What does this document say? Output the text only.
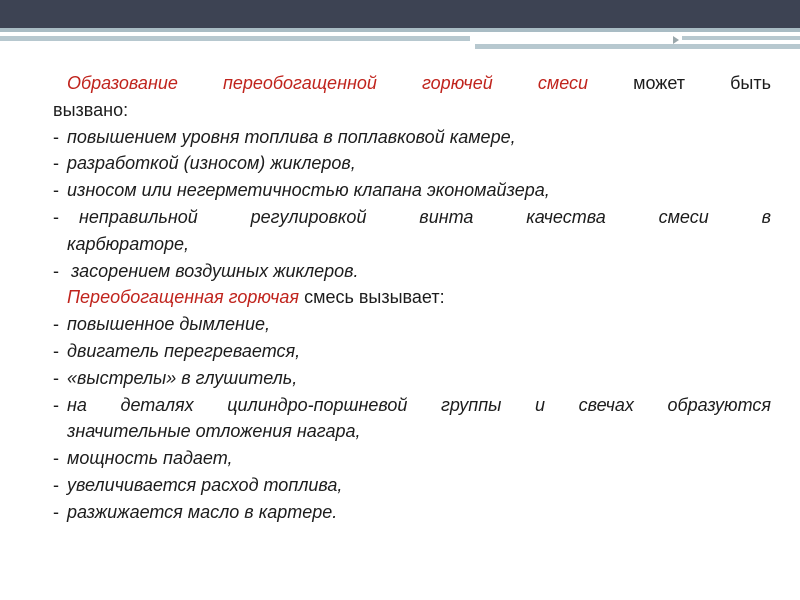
Образование переобогащенной горючей смеси	может быть

вызвано:

- повышением уровня топлива в поплавковой камере,

- разработкой (износом) жиклеров,

- износом или негерметичностью клапана экономайзера,

-	неправильной регулировкой винта качества смеси в
карбюраторе,

- засорением воздушных жиклеров.

Переобогащенная горючая смесь вызывает:

- повышенное дымление,

- двигатель перегревается,

- «выстрелы» в глушитель,

- на деталях цилиндро-поршневой группы и свечах образуются
значительные отложения нагара,

- мощность падает,

- увеличивается расход топлива,

- разжижается масло в картере.
